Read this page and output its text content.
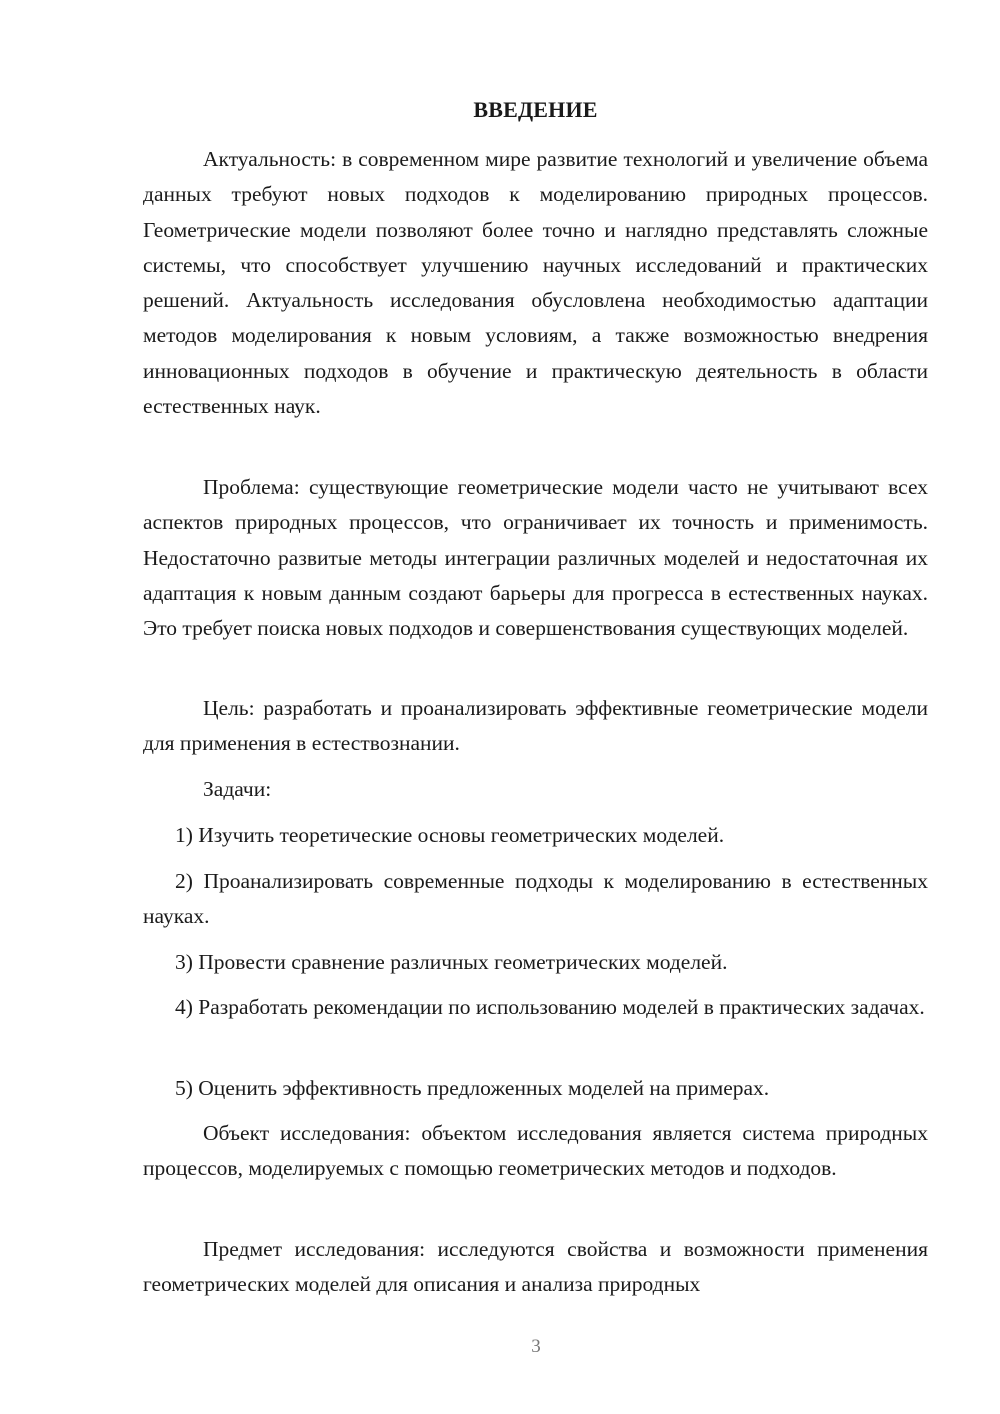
ВВЕДЕНИЕ
Актуальность: в современном мире развитие технологий и увеличение объема данных требуют новых подходов к моделированию природных процессов. Геометрические модели позволяют более точно и наглядно представлять сложные системы, что способствует улучшению научных исследований и практических решений. Актуальность исследования обусловлена необходимостью адаптации методов моделирования к новым условиям, а также возможностью внедрения инновационных подходов в обучение и практическую деятельность в области естественных наук.
Проблема: существующие геометрические модели часто не учитывают всех аспектов природных процессов, что ограничивает их точность и применимость. Недостаточно развитые методы интеграции различных моделей и недостаточная их адаптация к новым данным создают барьеры для прогресса в естественных науках. Это требует поиска новых подходов и совершенствования существующих моделей.
Цель: разработать и проанализировать эффективные геометрические модели для применения в естествознании.
Задачи:
1) Изучить теоретические основы геометрических моделей.
2) Проанализировать современные подходы к моделированию в естественных науках.
3) Провести сравнение различных геометрических моделей.
4) Разработать рекомендации по использованию моделей в практических задачах.
5) Оценить эффективность предложенных моделей на примерах.
Объект исследования: объектом исследования является система природных процессов, моделируемых с помощью геометрических методов и подходов.
Предмет исследования: исследуются свойства и возможности применения геометрических моделей для описания и анализа природных
3
